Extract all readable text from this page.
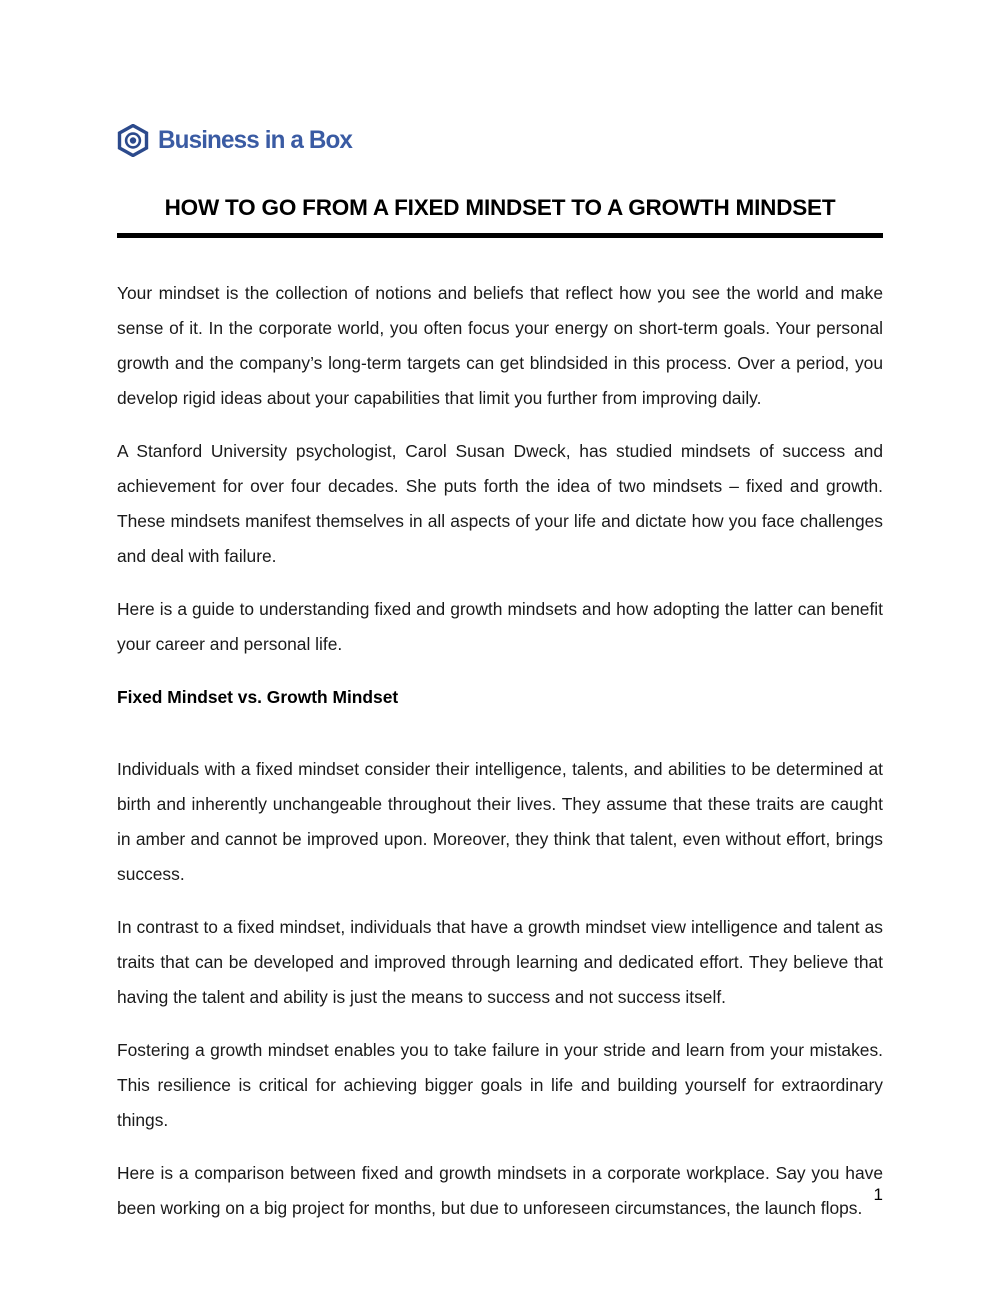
Business in a Box
HOW TO GO FROM A FIXED MINDSET TO A GROWTH MINDSET

Your mindset is the collection of notions and beliefs that reflect how you see the world and make sense of it. In the corporate world, you often focus your energy on short-term goals. Your personal growth and the company’s long-term targets can get blindsided in this process. Over a period, you develop rigid ideas about your capabilities that limit you further from improving daily.

A Stanford University psychologist, Carol Susan Dweck, has studied mindsets of success and achievement for over four decades. She puts forth the idea of two mindsets – fixed and growth. These mindsets manifest themselves in all aspects of your life and dictate how you face challenges and deal with failure.

Here is a guide to understanding fixed and growth mindsets and how adopting the latter can benefit your career and personal life.

Fixed Mindset vs. Growth Mindset

Individuals with a fixed mindset consider their intelligence, talents, and abilities to be determined at birth and inherently unchangeable throughout their lives. They assume that these traits are caught in amber and cannot be improved upon. Moreover, they think that talent, even without effort, brings success.

In contrast to a fixed mindset, individuals that have a growth mindset view intelligence and talent as traits that can be developed and improved through learning and dedicated effort. They believe that having the talent and ability is just the means to success and not success itself.

Fostering a growth mindset enables you to take failure in your stride and learn from your mistakes. This resilience is critical for achieving bigger goals in life and building yourself for extraordinary things.

Here is a comparison between fixed and growth mindsets in a corporate workplace. Say you have been working on a big project for months, but due to unforeseen circumstances, the launch flops.

1
